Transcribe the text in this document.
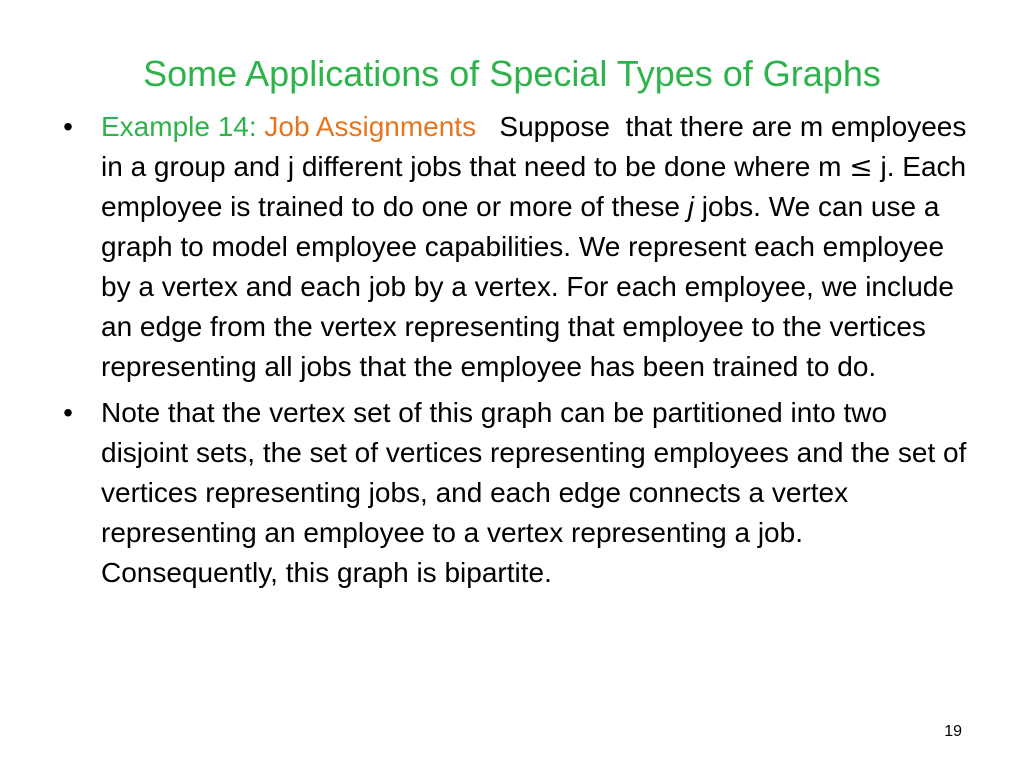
Some Applications of Special Types of Graphs
• Example 14: Job Assignments   Suppose  that there are m employees in a group and j different jobs that need to be done where m ≤ j. Each employee is trained to do one or more of these j jobs. We can use a graph to model employee capabilities. We represent each employee by a vertex and each job by a vertex. For each employee, we include an edge from the vertex representing that employee to the vertices representing all jobs that the employee has been trained to do.
• Note that the vertex set of this graph can be partitioned into two disjoint sets, the set of vertices representing employees and the set of vertices representing jobs, and each edge connects a vertex representing an employee to a vertex representing a job. Consequently, this graph is bipartite.
19
